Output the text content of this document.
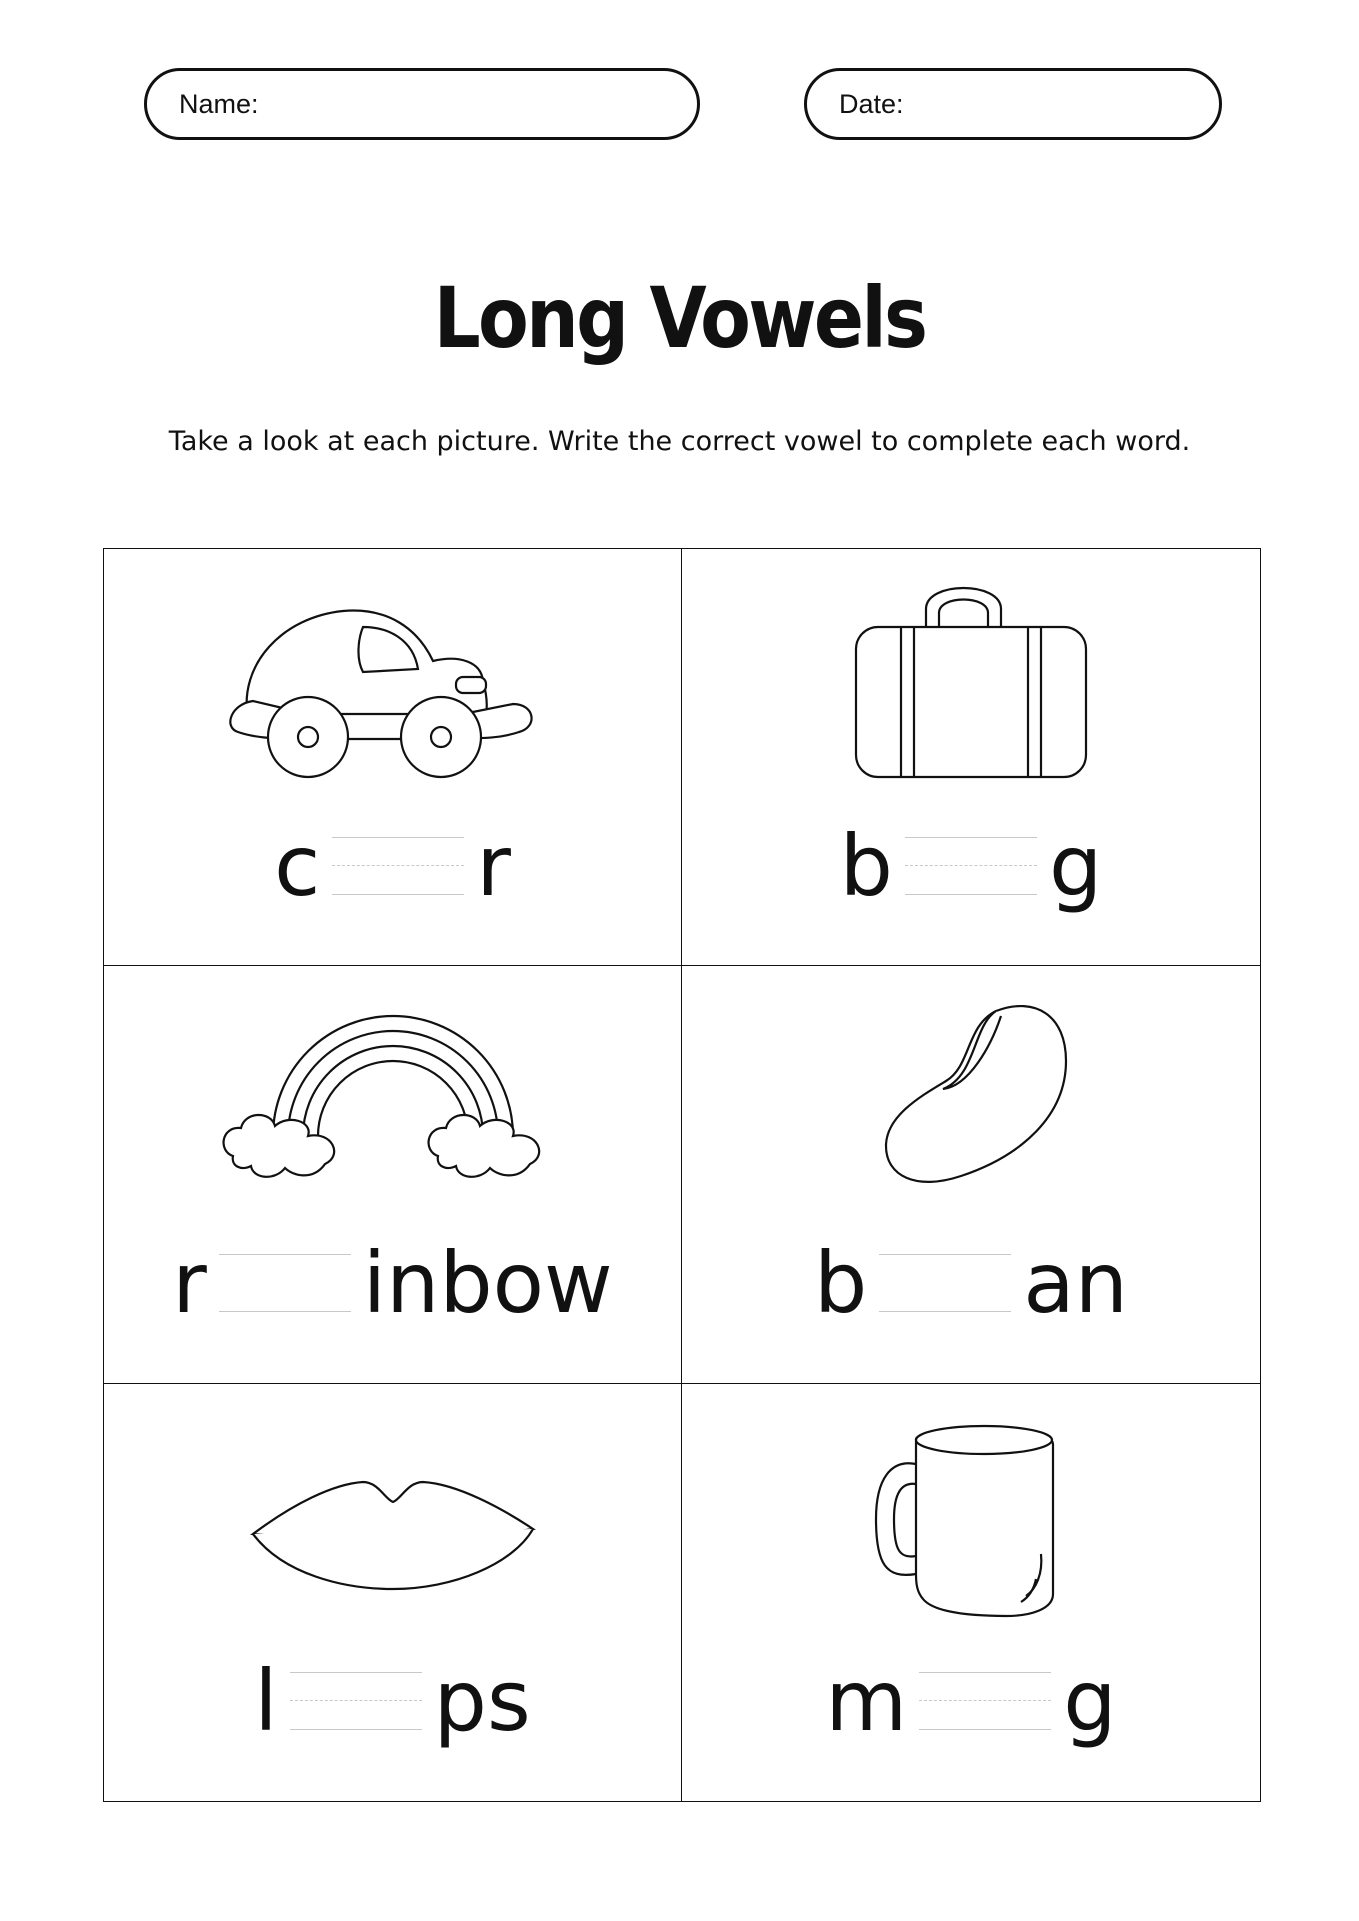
Name:	Date:
Long Vowels
Take a look at each picture. Write the correct vowel to complete each word.
c r	b g
r inbow b an
l ps	m g
